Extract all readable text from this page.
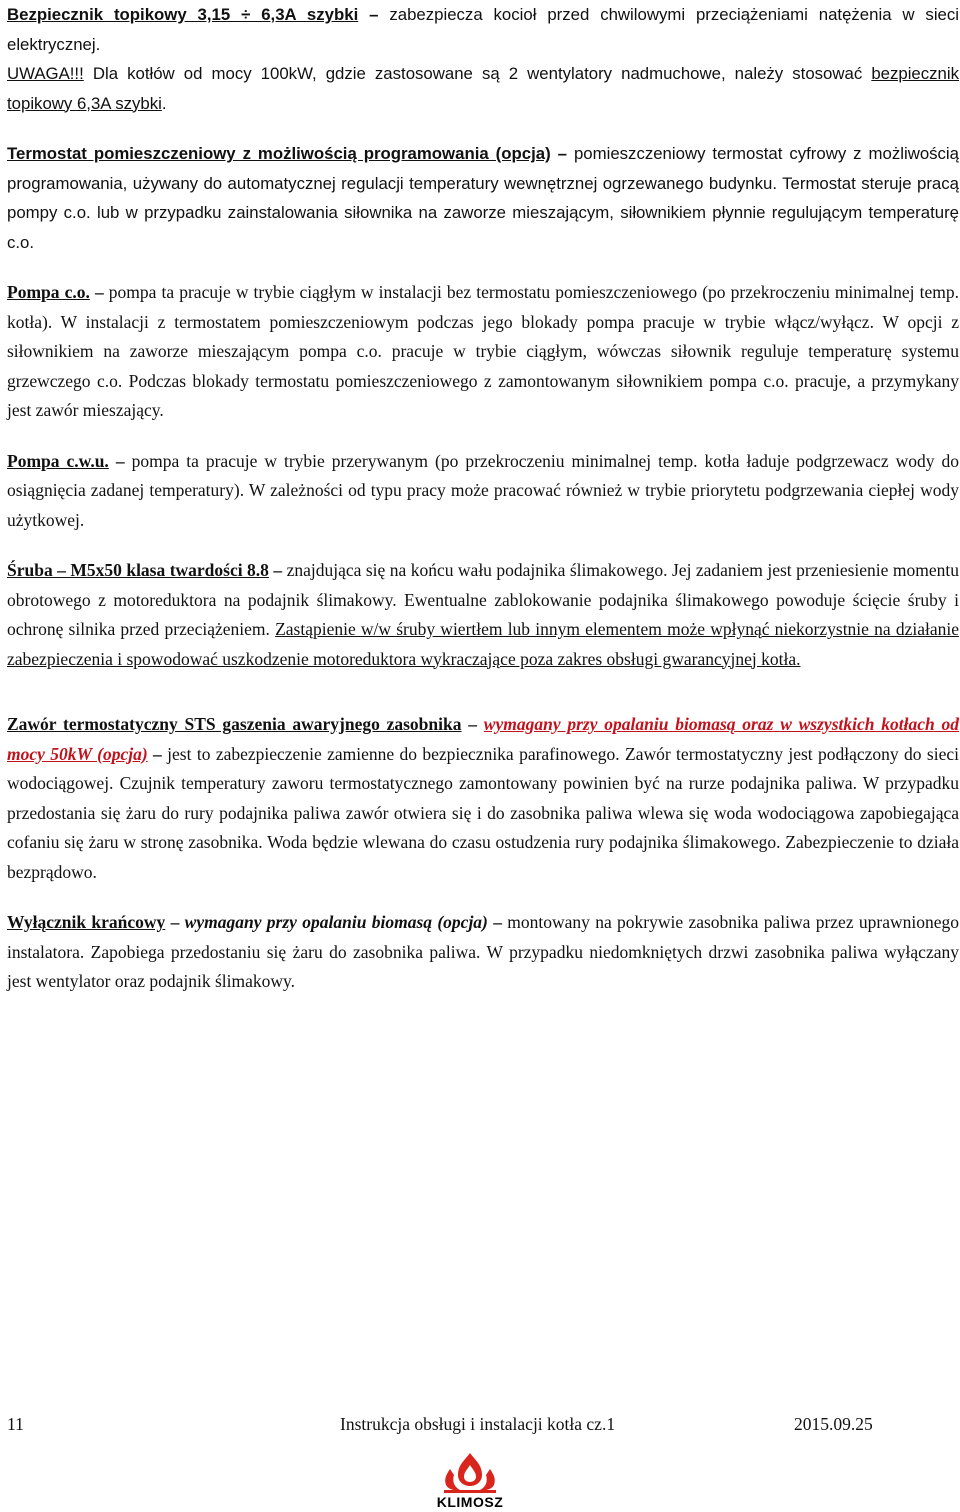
Bezpiecznik topikowy 3,15 ÷ 6,3A szybki – zabezpiecza kocioł przed chwilowymi przeciążeniami natężenia w sieci elektrycznej.
UWAGA!!! Dla kotłów od mocy 100kW, gdzie zastosowane są 2 wentylatory nadmuchowe, należy stosować bezpiecznik topikowy 6,3A szybki.

Termostat pomieszczeniowy z możliwością programowania (opcja) – pomieszczeniowy termostat cyfrowy z możliwością programowania, używany do automatycznej regulacji temperatury wewnętrznej ogrzewanego budynku. Termostat steruje pracą pompy c.o. lub w przypadku zainstalowania siłownika na zaworze mieszającym, siłownikiem płynnie regulującym temperaturę c.o.

Pompa c.o. – pompa ta pracuje w trybie ciągłym w instalacji bez termostatu pomieszczeniowego (po przekroczeniu minimalnej temp. kotła). W instalacji z termostatem pomieszczeniowym podczas jego blokady pompa pracuje w trybie włącz/wyłącz. W opcji z siłownikiem na zaworze mieszającym pompa c.o. pracuje w trybie ciągłym, wówczas siłownik reguluje temperaturę systemu grzewczego c.o. Podczas blokady termostatu pomieszczeniowego z zamontowanym siłownikiem pompa c.o. pracuje, a przymykany jest zawór mieszający.

Pompa c.w.u. – pompa ta pracuje w trybie przerywanym (po przekroczeniu minimalnej temp. kotła ładuje podgrzewacz wody do osiągnięcia zadanej temperatury). W zależności od typu pracy może pracować również w trybie priorytetu podgrzewania ciepłej wody użytkowej.

Śruba – M5x50 klasa twardości 8.8 – znajdująca się na końcu wału podajnika ślimakowego. Jej zadaniem jest przeniesienie momentu obrotowego z motoreduktora na podajnik ślimakowy. Ewentualne zablokowanie podajnika ślimakowego powoduje ścięcie śruby i ochronę silnika przed przeciążeniem. Zastąpienie w/w śruby wiertłem lub innym elementem może wpłynąć niekorzystnie na działanie zabezpieczenia i spowodować uszkodzenie motoreduktora wykraczające poza zakres obsługi gwarancyjnej kotła.

Zawór termostatyczny STS gaszenia awaryjnego zasobnika – wymagany przy opalaniu biomasą oraz w wszystkich kotłach od mocy 50kW (opcja) – jest to zabezpieczenie zamienne do bezpiecznika parafinowego. Zawór termostatyczny jest podłączony do sieci wodociągowej. Czujnik temperatury zaworu termostatycznego zamontowany powinien być na rurze podajnika paliwa. W przypadku przedostania się żaru do rury podajnika paliwa zawór otwiera się i do zasobnika paliwa wlewa się woda wodociągowa zapobiegająca cofaniu się żaru w stronę zasobnika. Woda będzie wlewana do czasu ostudzenia rury podajnika ślimakowego. Zabezpieczenie to działa bezprądowo.

Wyłącznik krańcowy – wymagany przy opalaniu biomasą (opcja) – montowany na pokrywie zasobnika paliwa przez uprawnionego instalatora. Zapobiega przedostaniu się żaru do zasobnika paliwa. W przypadku niedomkniętych drzwi zasobnika paliwa wyłączany jest wentylator oraz podajnik ślimakowy.

11	Instrukcja obsługi i instalacji kotła cz.1	2015.09.25
KLIMOSZ
